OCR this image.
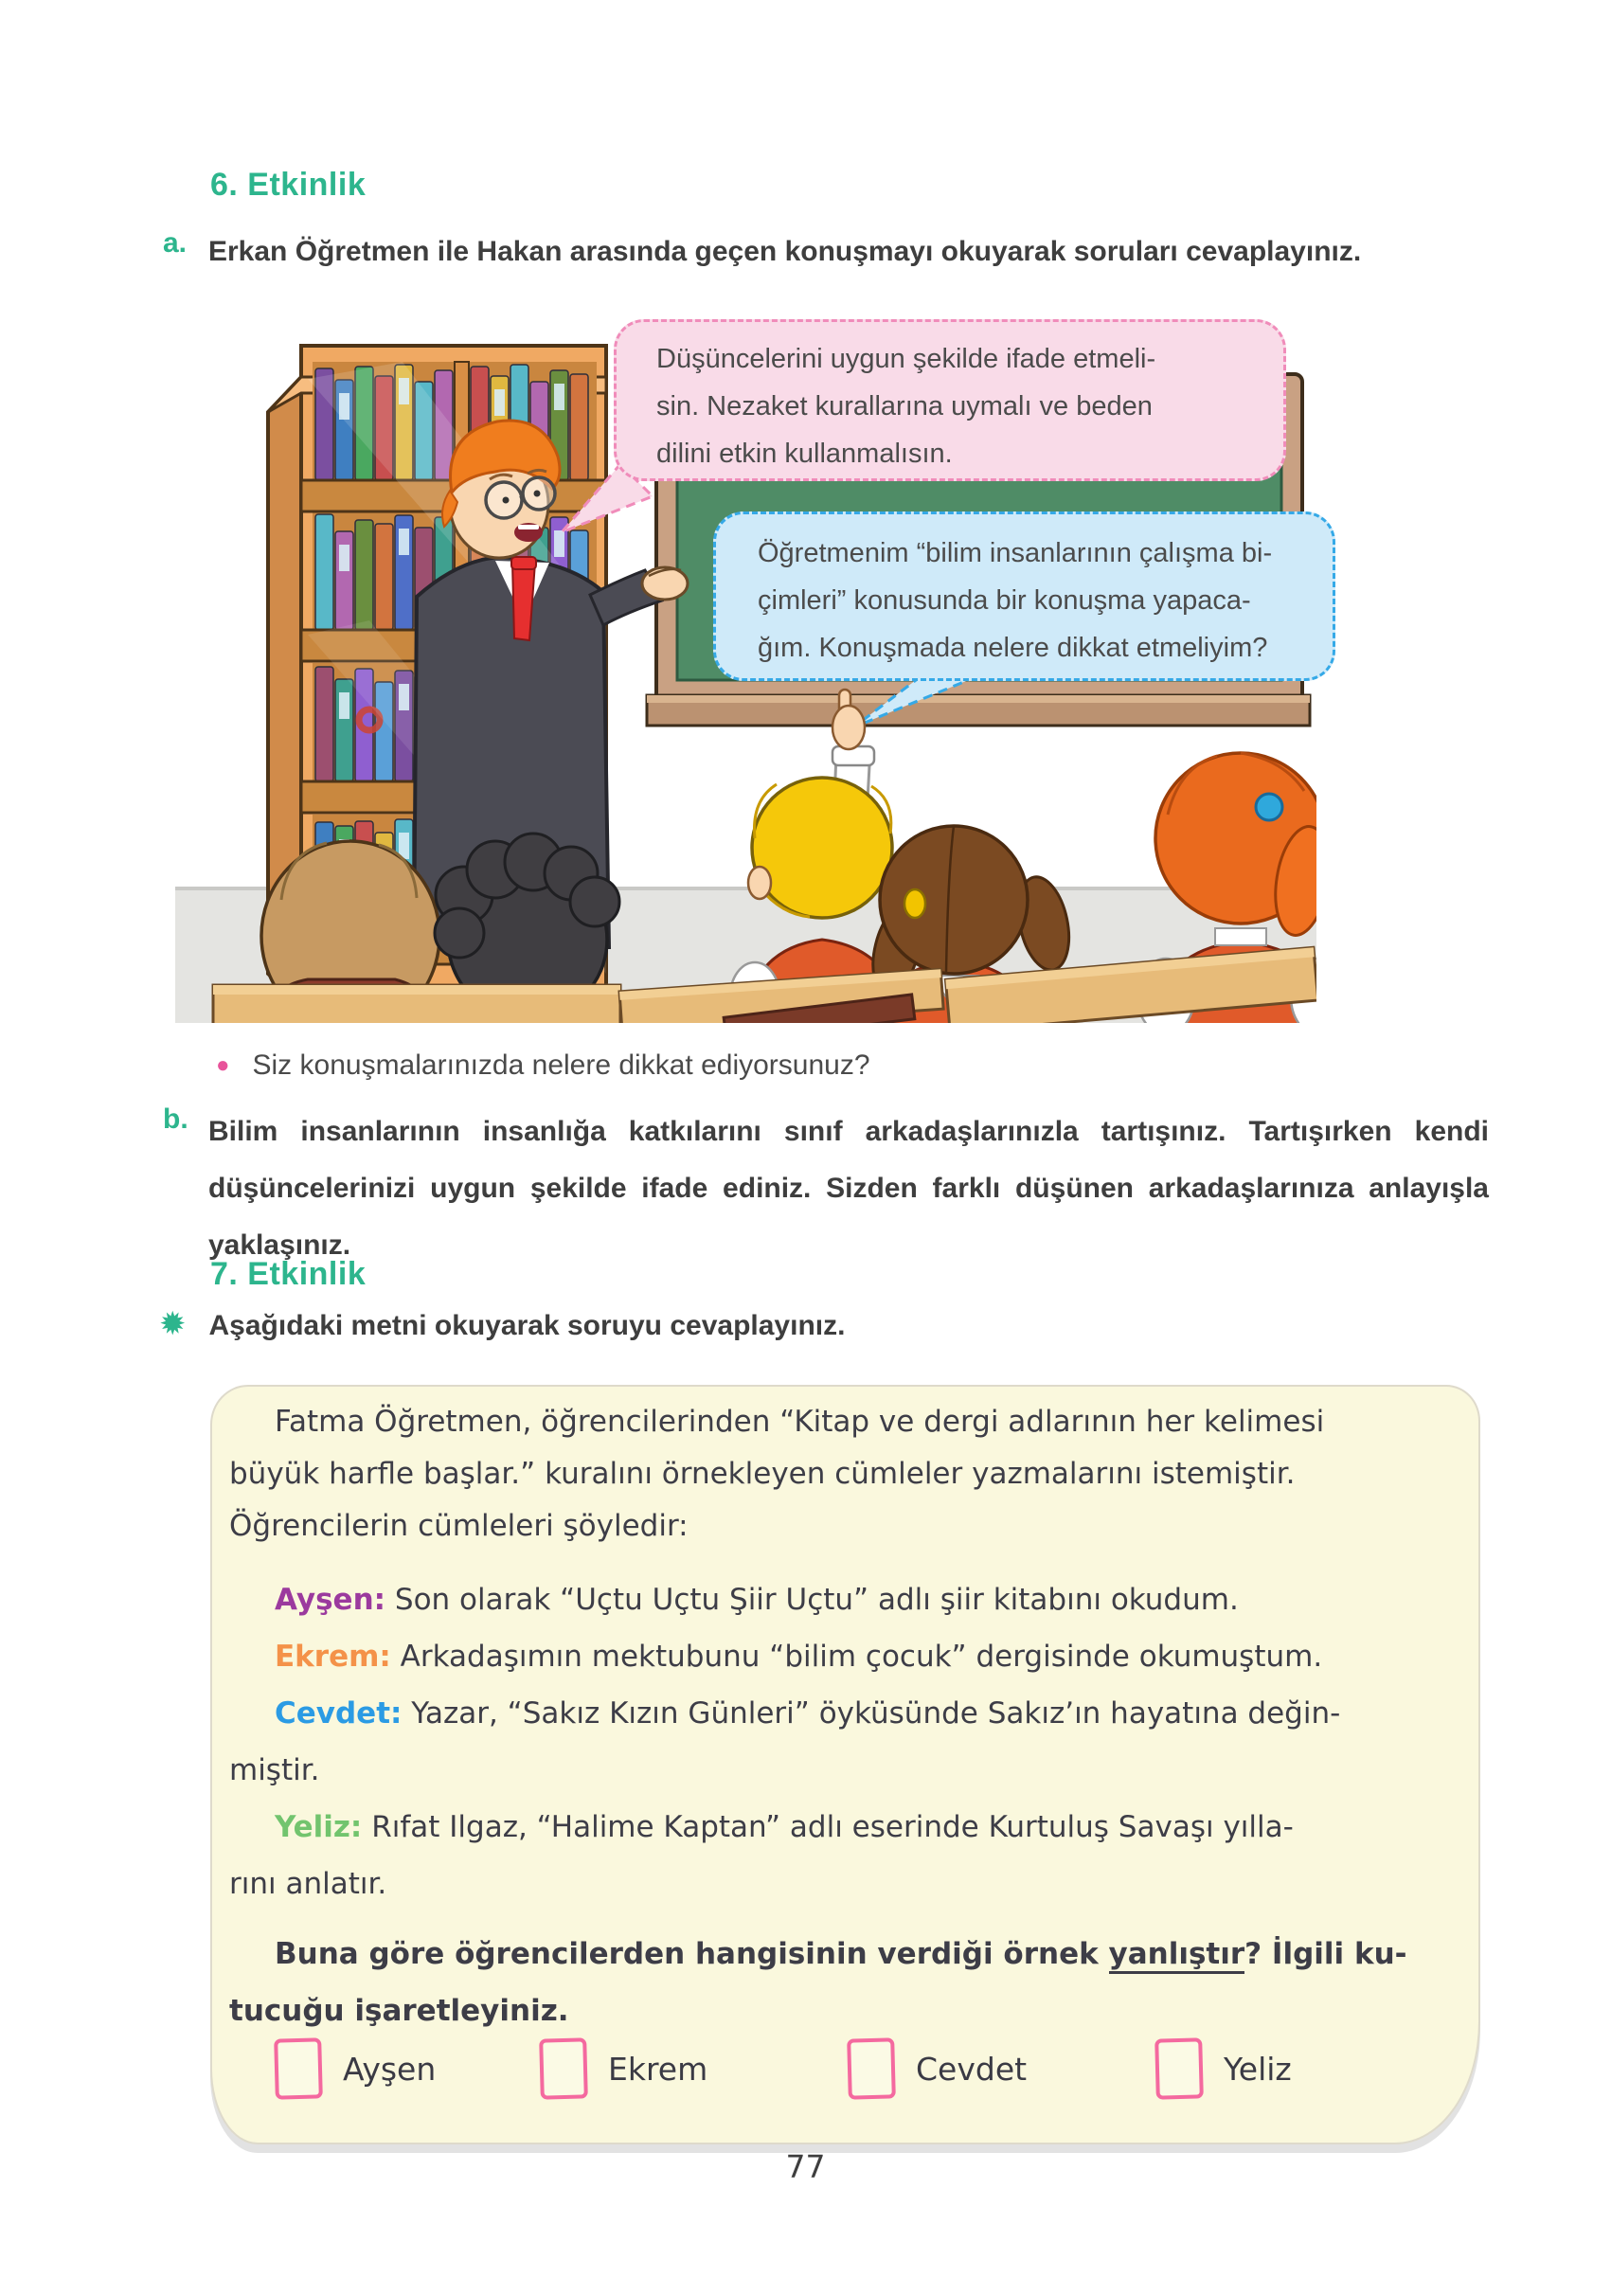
6. Etkinlik
a. Erkan Öğretmen ile Hakan arasında geçen konuşmayı okuyarak soruları cevaplayınız.
Düşüncelerini uygun şekilde ifade etmeli-
sin. Nezaket kurallarına uymalı ve beden
dilini etkin kullanmalısın.
Öğretmenim “bilim insanlarının çalışma bi-
çimleri” konusunda bir konuşma yapaca-
ğım. Konuşmada nelere dikkat etmeliyim?
● Siz konuşmalarınızda nelere dikkat ediyorsunuz?
b. Bilim insanlarının insanlığa katkılarını sınıf arkadaşlarınızla tartışınız. Tartışırken kendi düşüncelerinizi uygun şekilde ifade ediniz. Sizden farklı düşünen arkadaşlarınıza anlayışla yaklaşınız.
7. Etkinlik
✹ Aşağıdaki metni okuyarak soruyu cevaplayınız.
Fatma Öğretmen, öğrencilerinden “Kitap ve dergi adlarının her kelimesi
büyük harfle başlar.” kuralını örnekleyen cümleler yazmalarını istemiştir.
Öğrencilerin cümleleri şöyledir:
Ayşen: Son olarak “Uçtu Uçtu Şiir Uçtu” adlı şiir kitabını okudum.
Ekrem: Arkadaşımın mektubunu “bilim çocuk” dergisinde okumuştum.
Cevdet: Yazar, “Sakız Kızın Günleri” öyküsünde Sakız’ın hayatına değin-
miştir.
Yeliz: Rıfat Ilgaz, “Halime Kaptan” adlı eserinde Kurtuluş Savaşı yılla-
rını anlatır.
Buna göre öğrencilerden hangisinin verdiği örnek yanlıştır? İlgili ku-
tucuğu işaretleyiniz.
Ayşen	Ekrem	Cevdet	Yeliz
77
